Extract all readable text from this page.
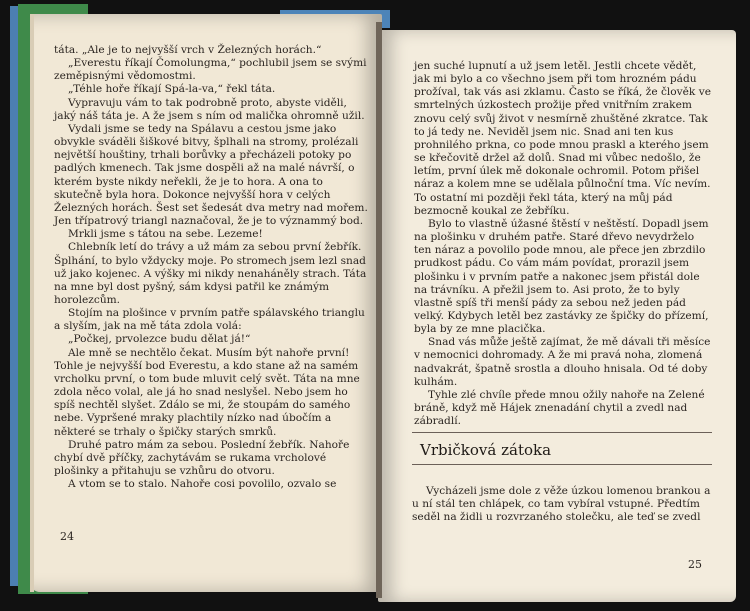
táta. „Ale je to nejvyšší vrch v Železných horách.“

„Everestu říkají Čomolungma,“ pochlubil jsem se svými zeměpisnými vědomostmi.

„Téhle hoře říkají Spá-la-va,“ řekl táta.

Vypravuju vám to tak podrobně proto, abyste viděli, jaký náš táta je. A že jsem s ním od malička ohromně užil.

Vydali jsme se tedy na Spálavu a cestou jsme jako obvykle sváděli šiškové bitvy, šplhali na stromy, prolézali největší houštiny, trhali borůvky a přecházeli potoky po padlých kmenech. Tak jsme dospěli až na malé návrší, o kterém byste nikdy neřekli, že je to hora. A ona to skutečně byla hora. Dokonce nejvyšší hora v celých Železných horách. Šest set šedesát dva metry nad mořem. Jen třípatrový triangl naznačoval, že je to význammý bod.

Mrkli jsme s tátou na sebe. Lezeme!

Chlebník letí do trávy a už mám za sebou první žebřík. Šplhání, to bylo vždycky moje. Po stromech jsem lezl snad už jako kojenec. A výšky mi nikdy nenaháněly strach. Táta na mne byl dost pyšný, sám kdysi patřil ke známým horolezcům.

Stojím na plošince v prvním patře spálavského trianglu a slyším, jak na mě táta zdola volá:

„Počkej, prvolezce budu dělat já!“

Ale mně se nechtělo čekat. Musím být nahoře první! Tohle je nejvyšší bod Everestu, a kdo stane až na samém vrcholku první, o tom bude mluvit celý svět. Táta na mne zdola něco volal, ale já ho snad neslyšel. Nebo jsem ho spíš nechtěl slyšet. Zdálo se mi, že stoupám do samého nebe. Vypršené mraky plachtily nízko nad úbočím a některé se trhaly o špičky starých smrků.

Druhé patro mám za sebou. Poslední žebřík. Nahoře chybí dvě příčky, zachytávám se rukama vrcholové plošinky a přitahuju se vzhůru do otvoru.

A vtom se to stalo. Nahoře cosi povolilo, ozvalo se

24

jen suché lupnutí a už jsem letěl. Jestli chcete vědět, jak mi bylo a co všechno jsem při tom hrozném pádu prožíval, tak vás asi zklamu. Často se říká, že člověk ve smrtelných úzkostech prožije před vnitřním zrakem znovu celý svůj život v nesmírně zhuštěné zkratce. Tak to já tedy ne. Neviděl jsem nic. Snad ani ten kus prohnilého prkna, co pode mnou praskl a kterého jsem se křečovitě držel až dolů. Snad mi vůbec nedošlo, že letím, první úlek mě dokonale ochromil. Potom přišel náraz a kolem mne se udělala půlnoční tma. Víc nevím. To ostatní mi později řekl táta, který na můj pád bezmocně koukal ze žebříku.

Bylo to vlastně úžasné štěstí v neštěstí. Dopadl jsem na plošinku v druhém patře. Staré dřevo nevydrželo ten náraz a povolilo pode mnou, ale přece jen zbrzdilo prudkost pádu. Co vám mám povídat, prorazil jsem plošinku i v prvním patře a nakonec jsem přistál dole na trávníku. A přežil jsem to. Asi proto, že to byly vlastně spíš tři menší pády za sebou než jeden pád velký. Kdybych letěl bez zastávky ze špičky do přízemí, byla by ze mne placička.

Snad vás může ještě zajímat, že mě dávali tři měsíce v nemocnici dohromady. A že mi pravá noha, zlomená nadvakrát, špatně srostla a dlouho hnisala. Od té doby kulhám.

Tyhle zlé chvíle přede mnou ožily nahoře na Zelené bráně, když mě Hájek znenadání chytil a zvedl nad zábradlí.

Vrbičková zátoka

Vycházeli jsme dole z věže úzkou lomenou brankou a u ní stál ten chlápek, co tam vybíral vstupné. Předtím seděl na židli u rozvrzaného stolečku, ale teď se zvedl

25
